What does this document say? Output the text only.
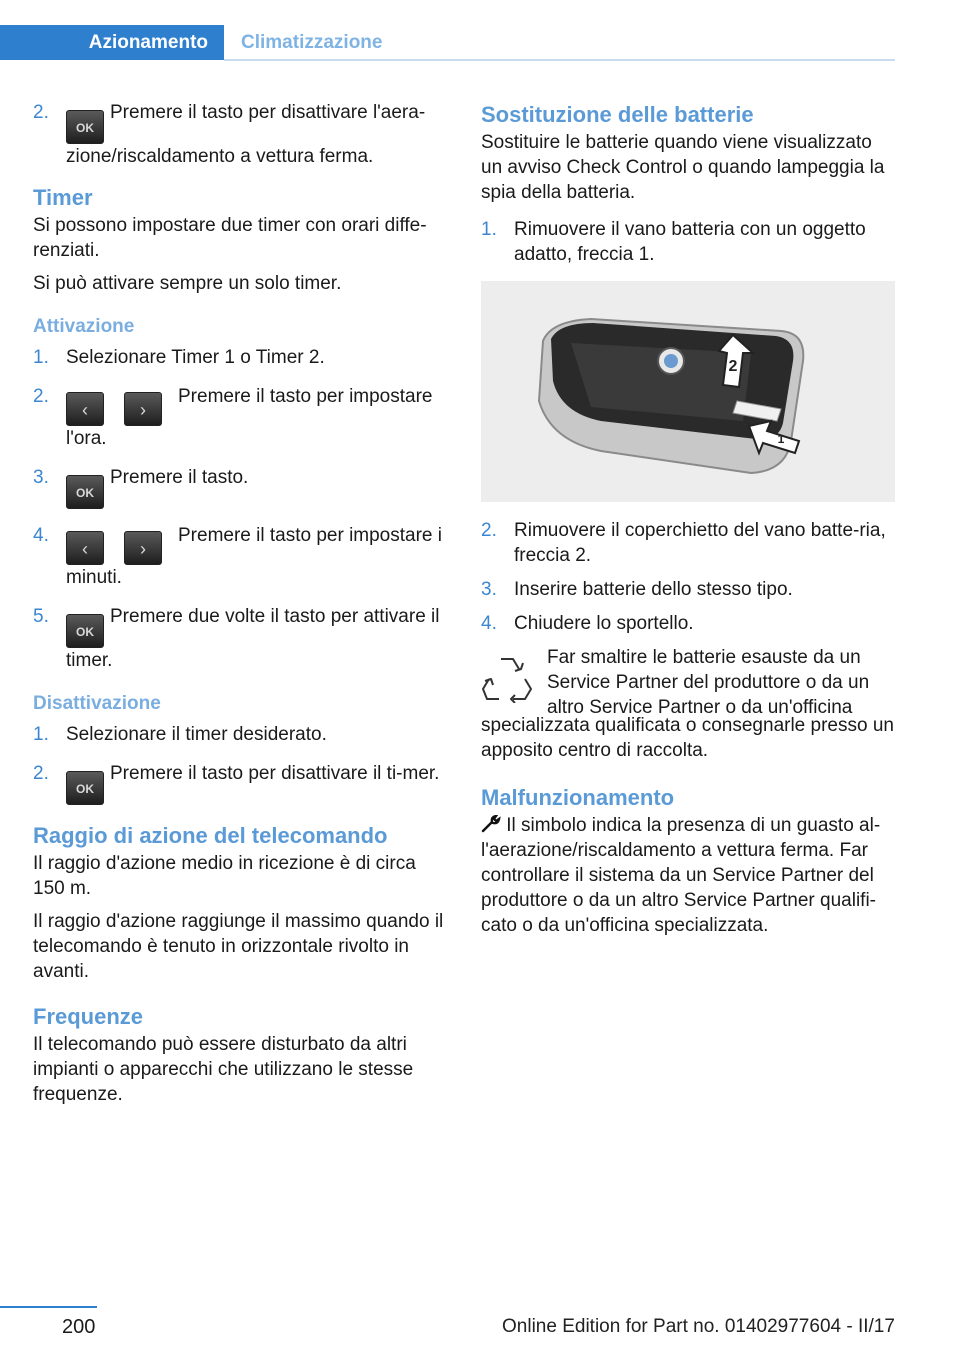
Azionamento	Climatizzazione
2.
OKPremere il tasto per disattivare l'aera-zione/riscaldamento a vettura ferma.
Timer

Si possono impostare due timer con orari diffe-renziati.

Si può attivare sempre un solo timer.

Attivazione
1. Selezionare Timer 1 o Timer 2.
2.
‹	›Premere il tasto per impostare l'ora.
3.
OKPremere il tasto.
4.
‹	›Premere il tasto per impostare i minuti.
5.
OKPremere due volte il tasto per attivare il timer.
Disattivazione
1. Selezionare il timer desiderato.
2.
OKPremere il tasto per disattivare il ti-mer.
Raggio di azione del telecomando

Il raggio d'azione medio in ricezione è di circa 150 m.

Il raggio d'azione raggiunge il massimo quando il telecomando è tenuto in orizzontale rivolto in avanti.

Frequenze

Il telecomando può essere disturbato da altri impianti o apparecchi che utilizzano le stesse frequenze.

Sostituzione delle batterie

Sostituire le batterie quando viene visualizzato un avviso Check Control o quando lampeggia la spia della batteria.

1. Rimuovere il vano batteria con un oggetto adatto, freccia 1.
2
1
2. Rimuovere il coperchietto del vano batte-ria, freccia 2.
3. Inserire batterie dello stesso tipo.
4. Chiudere lo sportello.
Far smaltire le batterie esauste da un Service Partner del produttore o da un altro Service Partner o da un'officina

specializzata qualificata o consegnarle presso un apposito centro di raccolta.

Malfunzionamento

Il simbolo indica la presenza di un guasto al-l'aerazione/riscaldamento a vettura ferma. Far controllare il sistema da un Service Partner del produttore o da un altro Service Partner qualifi-cato o da un'officina specializzata.

200	Online Edition for Part no. 01402977604 - II/17
